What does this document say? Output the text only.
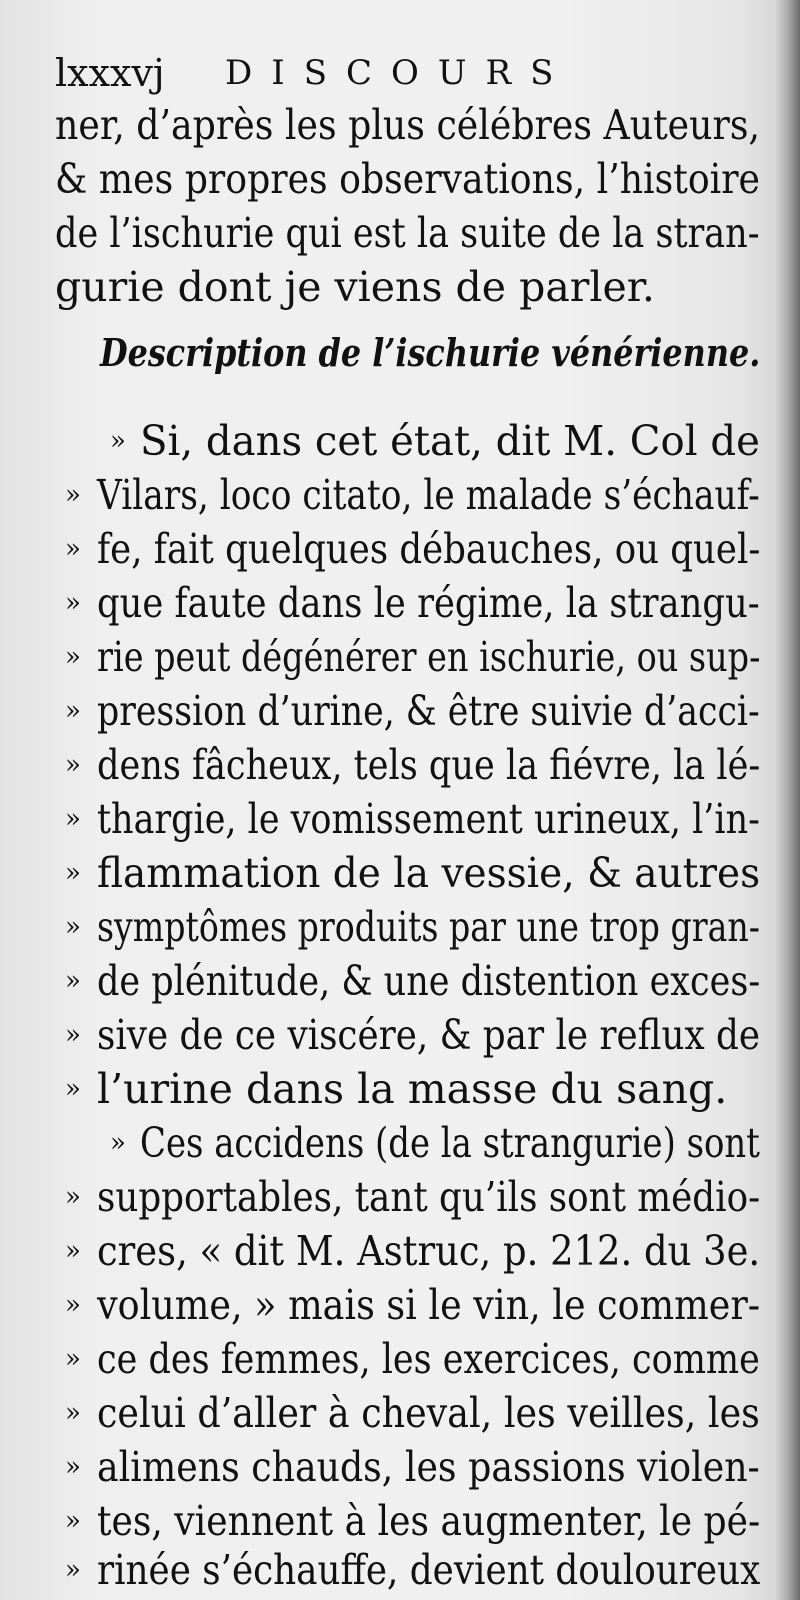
lxxxvj DISCOURS
ner, d’après les plus célébres Auteurs,
& mes propres observations, l’histoire
de l’ischurie qui est la suite de la stran-
gurie dont je viens de parler.
Description de l’ischurie vénérienne.
» Si, dans cet état, dit M. Col de
» Vilars, loco citato, le malade s’échauf-
» fe, fait quelques débauches, ou quel-
» que faute dans le régime, la strangu-
» rie peut dégénérer en ischurie, ou sup-
» pression d’urine, & être suivie d’acci-
» dens fâcheux, tels que la fiévre, la lé-
» thargie, le vomissement urineux, l’in-
» flammation de la vessie, & autres
» symptômes produits par une trop gran-
» de plénitude, & une distention exces-
» sive de ce viscére, & par le reflux de
» l’urine dans la masse du sang.
» Ces accidens (de la strangurie) sont
» supportables, tant qu’ils sont médio-
» cres, « dit M. Astruc, p. 212. du 3e.
» volume, » mais si le vin, le commer-
» ce des femmes, les exercices, comme
» celui d’aller à cheval, les veilles, les
» alimens chauds, les passions violen-
» tes, viennent à les augmenter, le pé-
» rinée s’échauffe, devient douloureux
